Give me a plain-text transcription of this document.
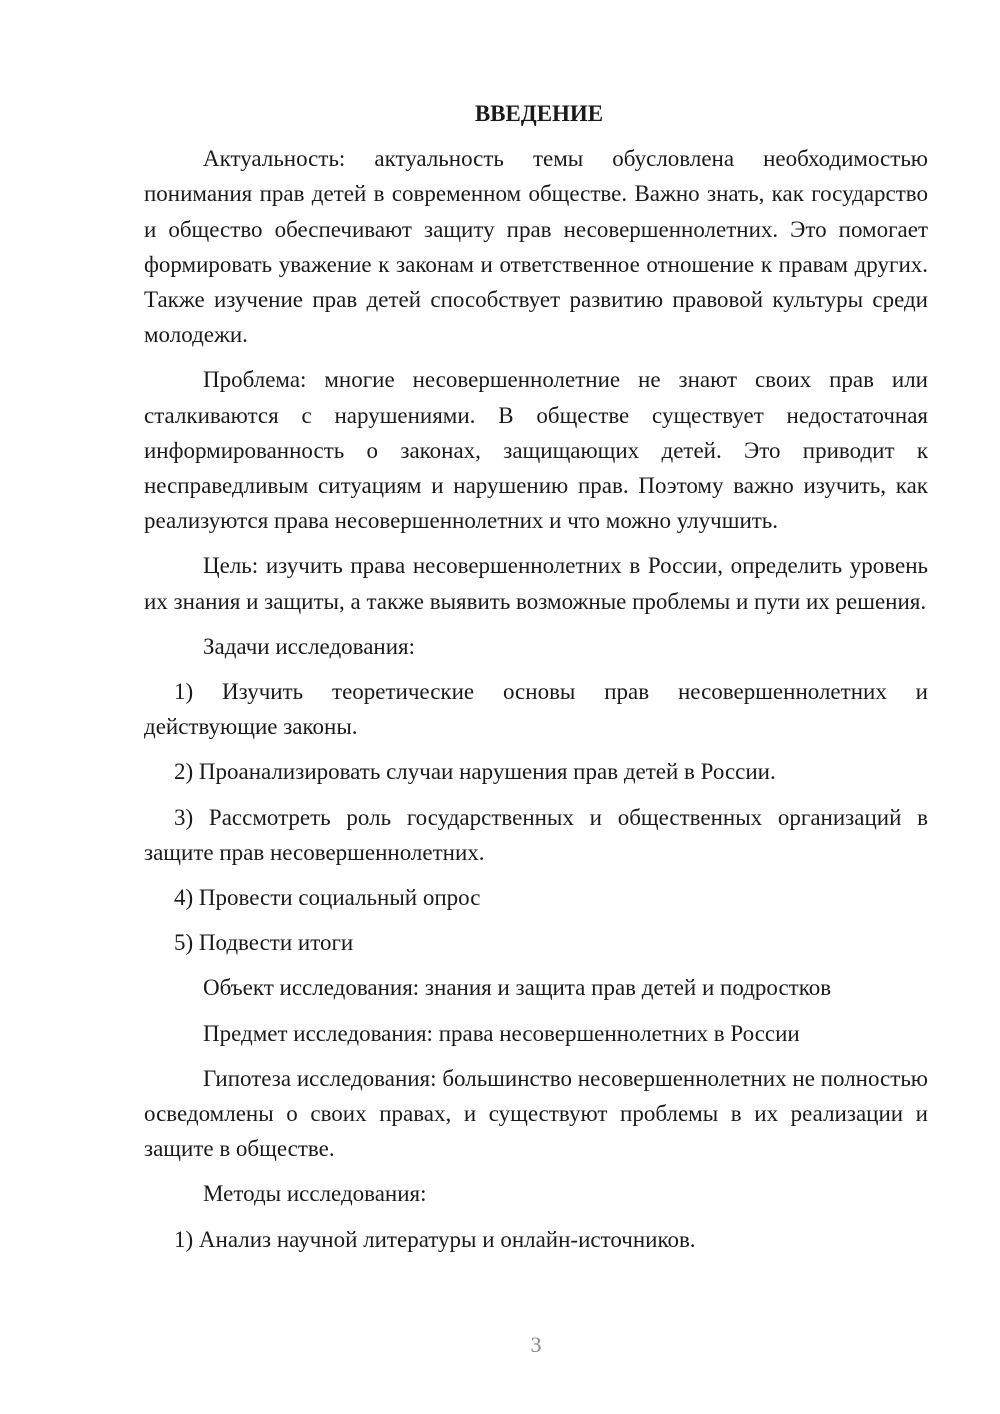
ВВЕДЕНИЕ
Актуальность: актуальность темы обусловлена необходимостью понимания прав детей в современном обществе. Важно знать, как государство и общество обеспечивают защиту прав несовершеннолетних. Это помогает формировать уважение к законам и ответственное отношение к правам других. Также изучение прав детей способствует развитию правовой культуры среди молодежи.
Проблема: многие несовершеннолетние не знают своих прав или сталкиваются с нарушениями. В обществе существует недостаточная информированность о законах, защищающих детей. Это приводит к несправедливым ситуациям и нарушению прав. Поэтому важно изучить, как реализуются права несовершеннолетних и что можно улучшить.
Цель: изучить права несовершеннолетних в России, определить уровень их знания и защиты, а также выявить возможные проблемы и пути их решения.
Задачи исследования:
1) Изучить теоретические основы прав несовершеннолетних и действующие законы.
2) Проанализировать случаи нарушения прав детей в России.
3) Рассмотреть роль государственных и общественных организаций в защите прав несовершеннолетних.
4) Провести социальный опрос
5) Подвести итоги
Объект исследования: знания и защита прав детей и подростков
Предмет исследования: права несовершеннолетних в России
Гипотеза исследования: большинство несовершеннолетних не полностью осведомлены о своих правах, и существуют проблемы в их реализации и защите в обществе.
Методы исследования:
1) Анализ научной литературы и онлайн-источников.
3
